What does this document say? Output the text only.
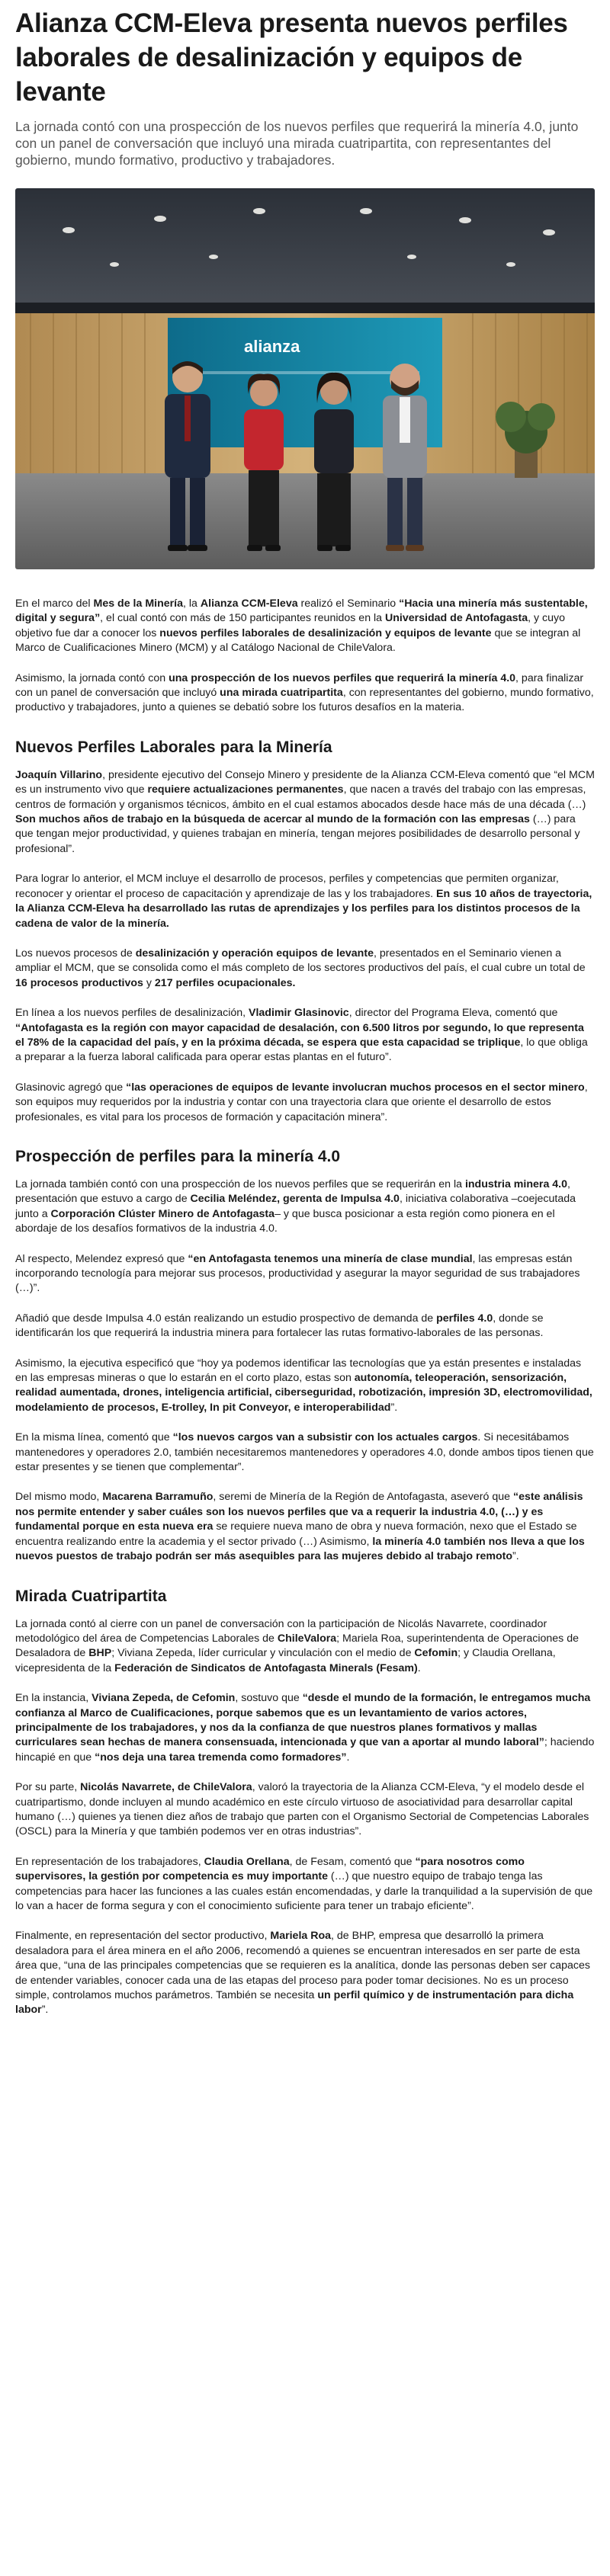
Alianza CCM-Eleva presenta nuevos perfiles laborales de desalinización y equipos de levante

La jornada contó con una prospección de los nuevos perfiles que requerirá la minería 4.0, junto con un panel de conversación que incluyó una mirada cuatripartita, con representantes del gobierno, mundo formativo, productivo y trabajadores.

alianza

En el marco del Mes de la Minería, la Alianza CCM-Eleva realizó el Seminario “Hacia una minería más sustentable, digital y segura”, el cual contó con más de 150 participantes reunidos en la Universidad de Antofagasta, y cuyo objetivo fue dar a conocer los nuevos perfiles laborales de desalinización y equipos de levante que se integran al Marco de Cualificaciones Minero (MCM) y al Catálogo Nacional de ChileValora.

Asimismo, la jornada contó con una prospección de los nuevos perfiles que requerirá la minería 4.0, para finalizar con un panel de conversación que incluyó una mirada cuatripartita, con representantes del gobierno, mundo formativo, productivo y trabajadores, junto a quienes se debatió sobre los futuros desafíos en la materia.

Nuevos Perfiles Laborales para la Minería

Joaquín Villarino, presidente ejecutivo del Consejo Minero y presidente de la Alianza CCM-Eleva comentó que “el MCM es un instrumento vivo que requiere actualizaciones permanentes, que nacen a través del trabajo con las empresas, centros de formación y organismos técnicos, ámbito en el cual estamos abocados desde hace más de una década (…) Son muchos años de trabajo en la búsqueda de acercar al mundo de la formación con las empresas (…) para que tengan mejor productividad, y quienes trabajan en minería, tengan mejores posibilidades de desarrollo personal y profesional”.

Para lograr lo anterior, el MCM incluye el desarrollo de procesos, perfiles y competencias que permiten organizar, reconocer y orientar el proceso de capacitación y aprendizaje de las y los trabajadores. En sus 10 años de trayectoria, la Alianza CCM-Eleva ha desarrollado las rutas de aprendizajes y los perfiles para los distintos procesos de la cadena de valor de la minería.

Los nuevos procesos de desalinización y operación equipos de levante, presentados en el Seminario vienen a ampliar el MCM, que se consolida como el más completo de los sectores productivos del país, el cual cubre un total de 16 procesos productivos y 217 perfiles ocupacionales.

En línea a los nuevos perfiles de desalinización, Vladimir Glasinovic, director del Programa Eleva, comentó que “Antofagasta es la región con mayor capacidad de desalación, con 6.500 litros por segundo, lo que representa el 78% de la capacidad del país, y en la próxima década, se espera que esta capacidad se triplique, lo que obliga a preparar a la fuerza laboral calificada para operar estas plantas en el futuro”.

Glasinovic agregó que “las operaciones de equipos de levante involucran muchos procesos en el sector minero, son equipos muy requeridos por la industria y contar con una trayectoria clara que oriente el desarrollo de estos profesionales, es vital para los procesos de formación y capacitación minera”.

Prospección de perfiles para la minería 4.0

La jornada también contó con una prospección de los nuevos perfiles que se requerirán en la industria minera 4.0, presentación que estuvo a cargo de Cecilia Meléndez, gerenta de Impulsa 4.0, iniciativa colaborativa –coejecutada junto a Corporación Clúster Minero de Antofagasta– y que busca posicionar a esta región como pionera en el abordaje de los desafíos formativos de la industria 4.0.

Al respecto, Melendez expresó que “en Antofagasta tenemos una minería de clase mundial, las empresas están incorporando tecnología para mejorar sus procesos, productividad y asegurar la mayor seguridad de sus trabajadores (…)”.

Añadió que desde Impulsa 4.0 están realizando un estudio prospectivo de demanda de perfiles 4.0, donde se identificarán los que requerirá la industria minera para fortalecer las rutas formativo-laborales de las personas.

Asimismo, la ejecutiva especificó que “hoy ya podemos identificar las tecnologías que ya están presentes e instaladas en las empresas mineras o que lo estarán en el corto plazo, estas son autonomía, teleoperación, sensorización, realidad aumentada, drones, inteligencia artificial, ciberseguridad, robotización, impresión 3D, electromovilidad, modelamiento de procesos, E-trolley, In pit Conveyor, e interoperabilidad”.

En la misma línea, comentó que “los nuevos cargos van a subsistir con los actuales cargos. Si necesitábamos mantenedores y operadores 2.0, también necesitaremos mantenedores y operadores 4.0, donde ambos tipos tienen que estar presentes y se tienen que complementar”.

Del mismo modo, Macarena Barramuño, seremi de Minería de la Región de Antofagasta, aseveró que “este análisis nos permite entender y saber cuáles son los nuevos perfiles que va a requerir la industria 4.0, (…) y es fundamental porque en esta nueva era se requiere nueva mano de obra y nueva formación, nexo que el Estado se encuentra realizando entre la academia y el sector privado (…) Asimismo, la minería 4.0 también nos lleva a que los nuevos puestos de trabajo podrán ser más asequibles para las mujeres debido al trabajo remoto”.

Mirada Cuatripartita

La jornada contó al cierre con un panel de conversación con la participación de Nicolás Navarrete, coordinador metodológico del área de Competencias Laborales de ChileValora; Mariela Roa, superintendenta de Operaciones de Desaladora de BHP; Viviana Zepeda, líder curricular y vinculación con el medio de Cefomin; y Claudia Orellana, vicepresidenta de la Federación de Sindicatos de Antofagasta Minerals (Fesam).

En la instancia, Viviana Zepeda, de Cefomin, sostuvo que “desde el mundo de la formación, le entregamos mucha confianza al Marco de Cualificaciones, porque sabemos que es un levantamiento de varios actores, principalmente de los trabajadores, y nos da la confianza de que nuestros planes formativos y mallas curriculares sean hechas de manera consensuada, intencionada y que van a aportar al mundo laboral”; haciendo hincapié en que “nos deja una tarea tremenda como formadores”.

Por su parte, Nicolás Navarrete, de ChileValora, valoró la trayectoria de la Alianza CCM-Eleva, “y el modelo desde el cuatripartismo, donde incluyen al mundo académico en este círculo virtuoso de asociatividad para desarrollar capital humano (…) quienes ya tienen diez años de trabajo que parten con el Organismo Sectorial de Competencias Laborales (OSCL) para la Minería y que también podemos ver en otras industrias”.

En representación de los trabajadores, Claudia Orellana, de Fesam, comentó que “para nosotros como supervisores, la gestión por competencia es muy importante (…) que nuestro equipo de trabajo tenga las competencias para hacer las funciones a las cuales están encomendadas, y darle la tranquilidad a la supervisión de que lo van a hacer de forma segura y con el conocimiento suficiente para tener un trabajo eficiente”.

Finalmente, en representación del sector productivo, Mariela Roa, de BHP, empresa que desarrolló la primera desaladora para el área minera en el año 2006, recomendó a quienes se encuentran interesados en ser parte de esta área que, “una de las principales competencias que se requieren es la analítica, donde las personas deben ser capaces de entender variables, conocer cada una de las etapas del proceso para poder tomar decisiones. No es un proceso simple, controlamos muchos parámetros. También se necesita un perfil químico y de instrumentación para dicha labor”.
